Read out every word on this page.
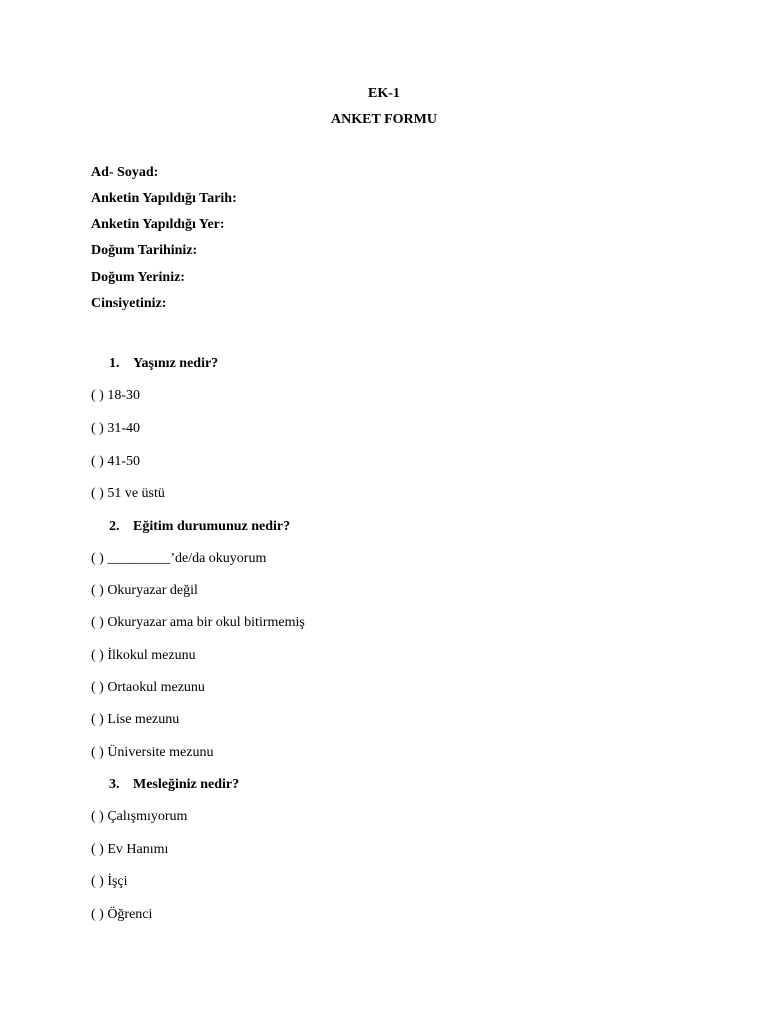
EK-1
ANKET FORMU
Ad- Soyad:
Anketin Yapıldığı Tarih:
Anketin Yapıldığı Yer:
Doğum Tarihiniz:
Doğum Yeriniz:
Cinsiyetiniz:
1. Yaşınız nedir?
( ) 18-30
( ) 31-40
( ) 41-50
( ) 51 ve üstü
2. Eğitim durumunuz nedir?
( ) _________’de/da okuyorum
( ) Okuryazar değil
( ) Okuryazar ama bir okul bitirmemiş
( ) İlkokul mezunu
( ) Ortaokul mezunu
( ) Lise mezunu
( ) Üniversite mezunu
3. Mesleğiniz nedir?
( ) Çalışmıyorum
( ) Ev Hanımı
( ) İşçi
( ) Öğrenci
